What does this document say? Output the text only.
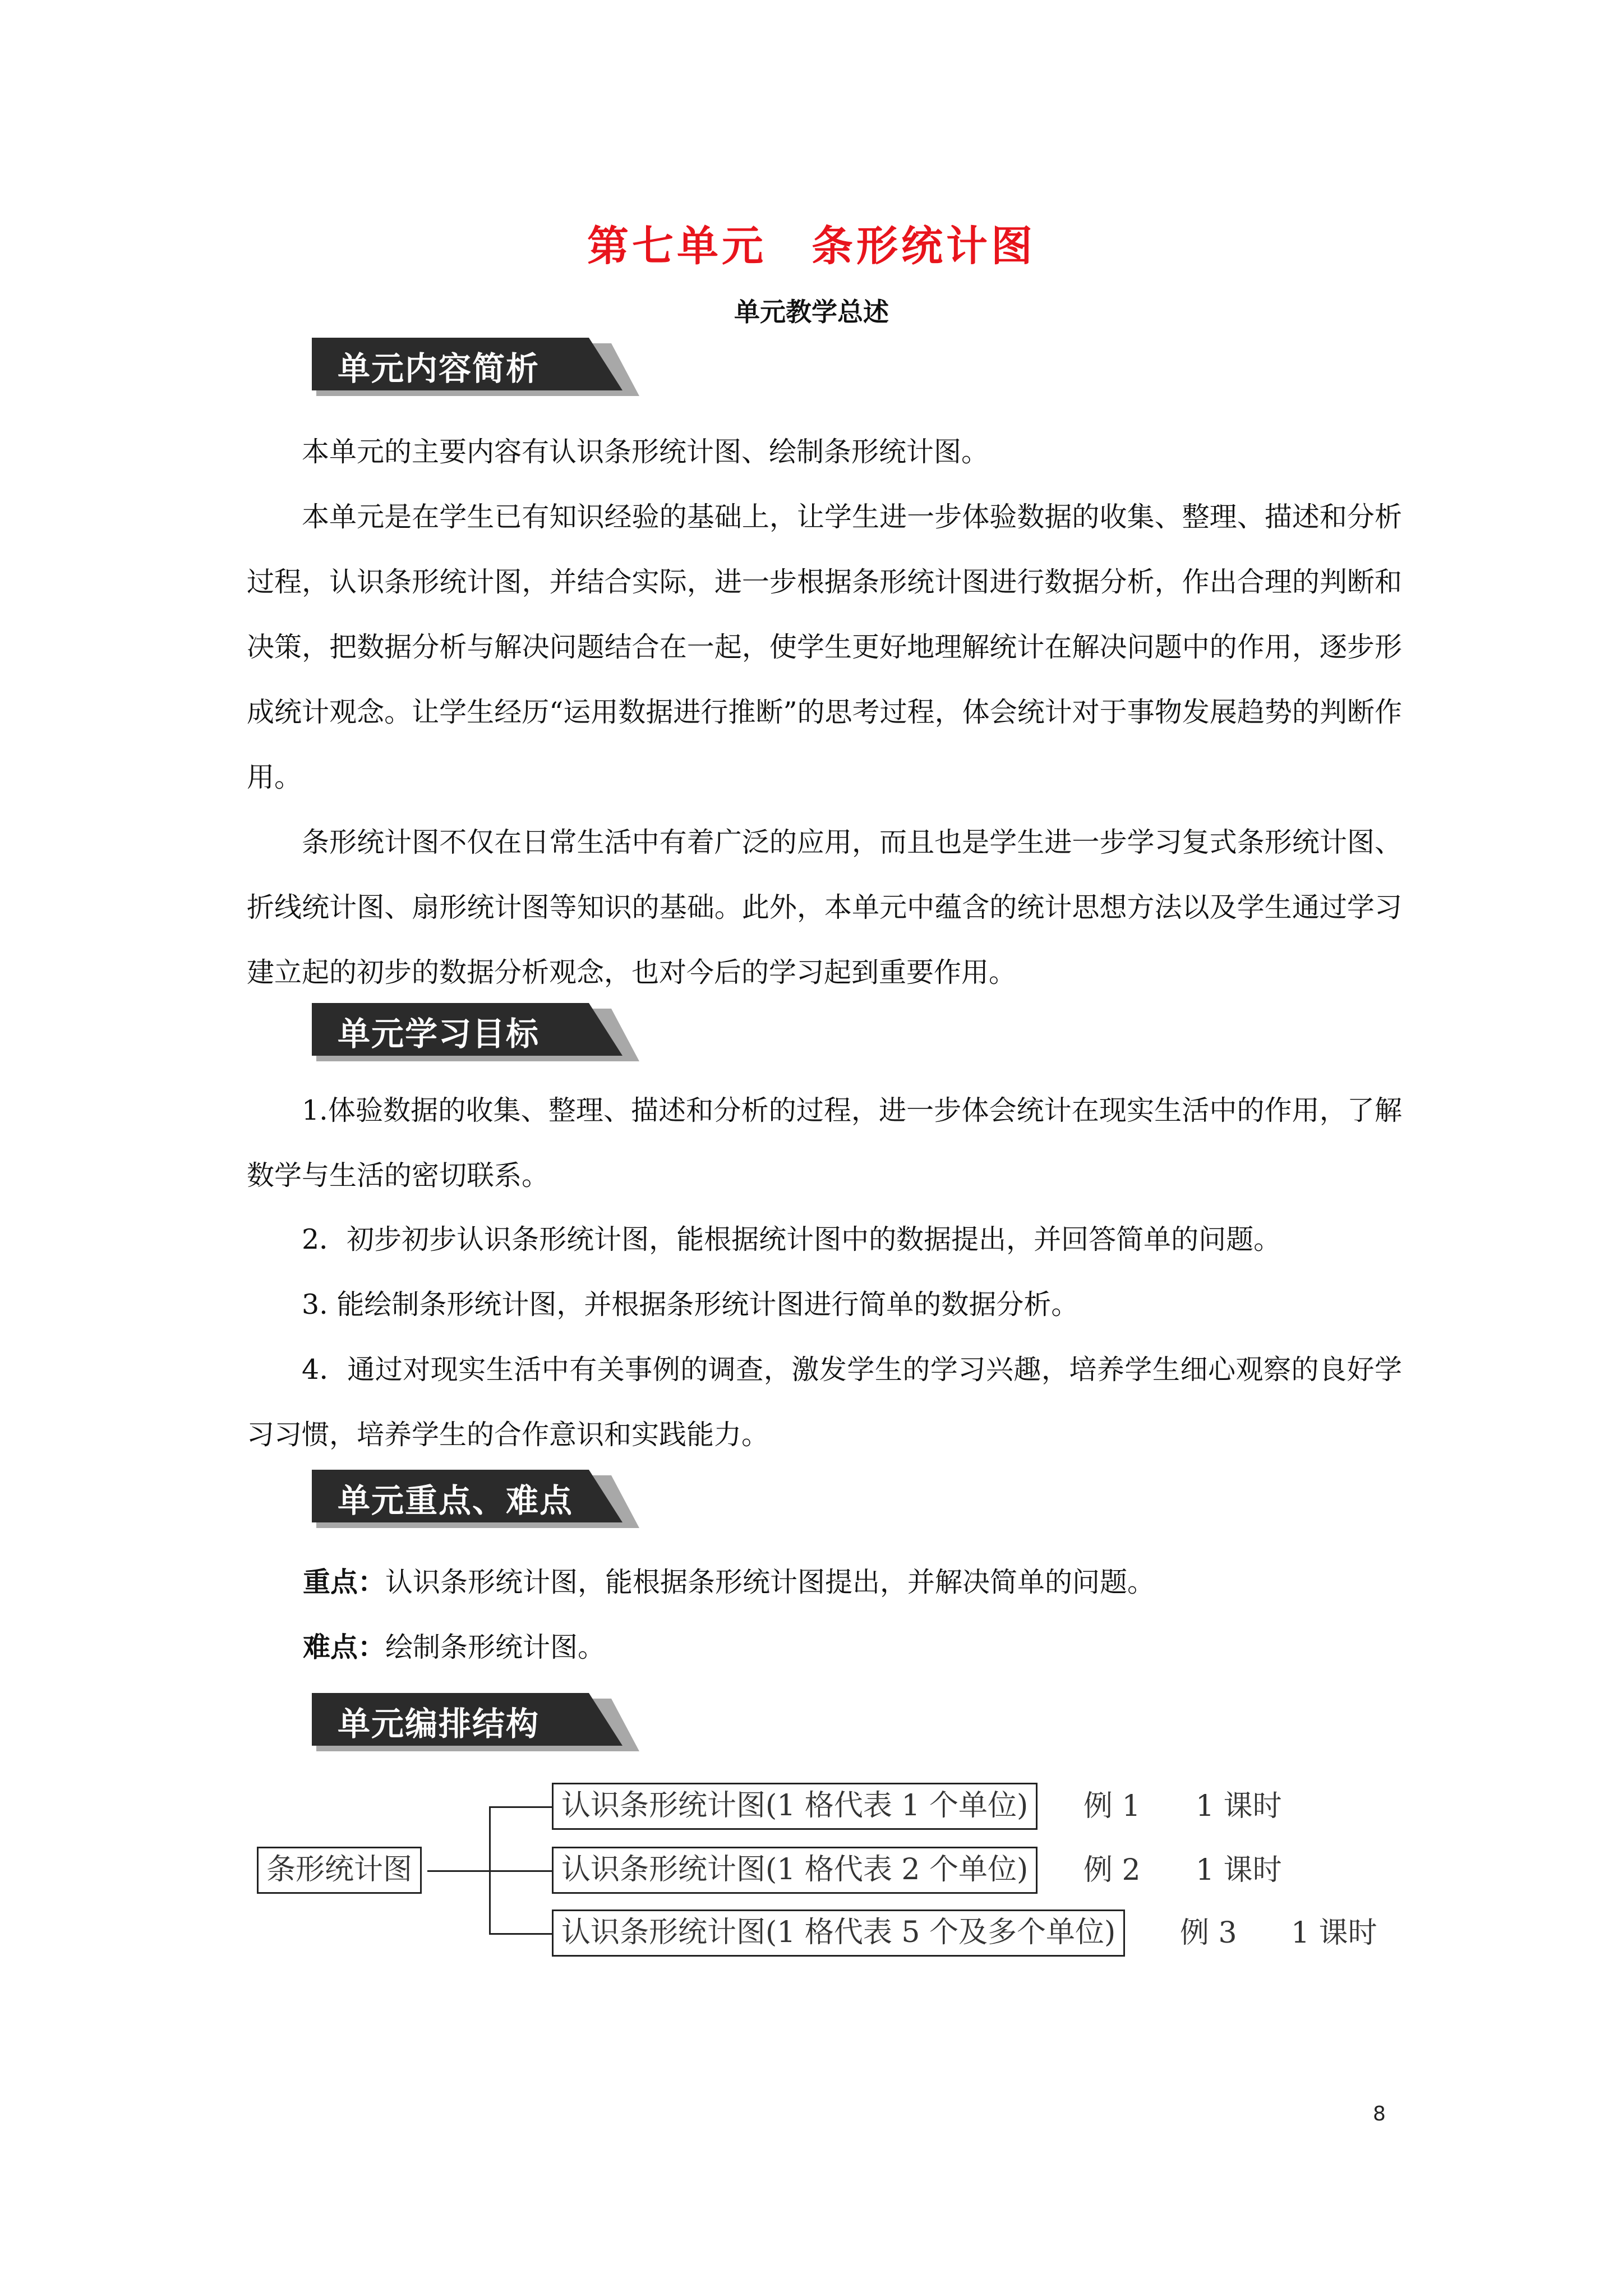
第七单元　条形统计图
单元教学总述
单元内容简析

本单元的主要内容有认识条形统计图、绘制条形统计图。

本单元是在学生已有知识经验的基础上，让学生进一步体验数据的收集、整理、描述和分析过程，认识条形统计图，并结合实际，进一步根据条形统计图进行数据分析，作出合理的判断和决策，把数据分析与解决问题结合在一起，使学生更好地理解统计在解决问题中的作用，逐步形成统计观念。让学生经历“运用数据进行推断”的思考过程，体会统计对于事物发展趋势的判断作用。

条形统计图不仅在日常生活中有着广泛的应用，而且也是学生进一步学习复式条形统计图、折线统计图、扇形统计图等知识的基础。此外，本单元中蕴含的统计思想方法以及学生通过学习建立起的初步的数据分析观念，也对今后的学习起到重要作用。

单元学习目标

1.体验数据的收集、整理、描述和分析的过程，进一步体会统计在现实生活中的作用，了解数学与生活的密切联系。

2．初步初步认识条形统计图，能根据统计图中的数据提出，并回答简单的问题。

3. 能绘制条形统计图，并根据条形统计图进行简单的数据分析。

4．通过对现实生活中有关事例的调查，激发学生的学习兴趣，培养学生细心观察的良好学习习惯，培养学生的合作意识和实践能力。

单元重点、难点
重点：认识条形统计图，能根据条形统计图提出，并解决简单的问题。
难点：绘制条形统计图。
单元编排结构
条形统计图
认识条形统计图(1 格代表 1 个单位)	例 1 1 课时
认识条形统计图(1 格代表 2 个单位)	例 2 1 课时
认识条形统计图(1 格代表 5 个及多个单位)	例 3 1 课时
8
